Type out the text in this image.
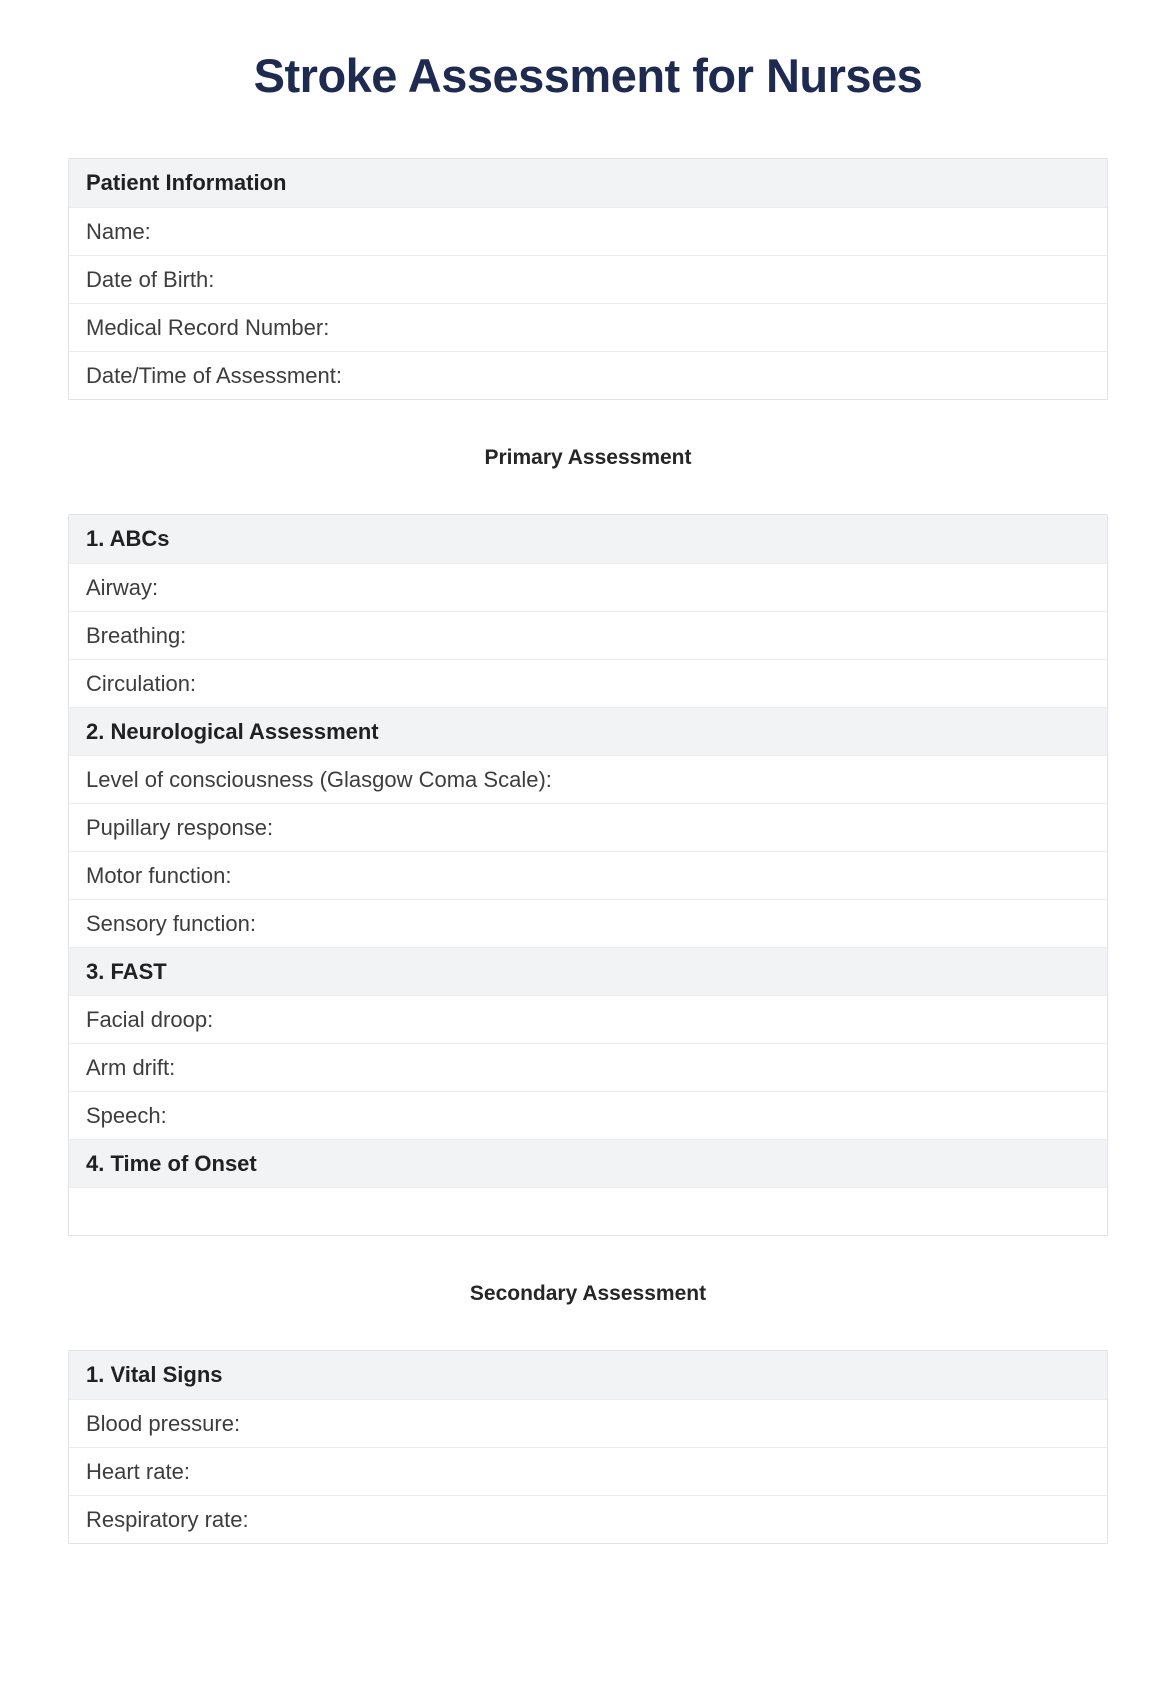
Stroke Assessment for Nurses
Patient Information
Name:
Date of Birth:
Medical Record Number:
Date/Time of Assessment:
Primary Assessment
1. ABCs
Airway:
Breathing:
Circulation:
2. Neurological Assessment
Level of consciousness (Glasgow Coma Scale):
Pupillary response:
Motor function:
Sensory function:
3. FAST
Facial droop:
Arm drift:
Speech:
4. Time of Onset
Secondary Assessment
1. Vital Signs
Blood pressure:
Heart rate:
Respiratory rate:
